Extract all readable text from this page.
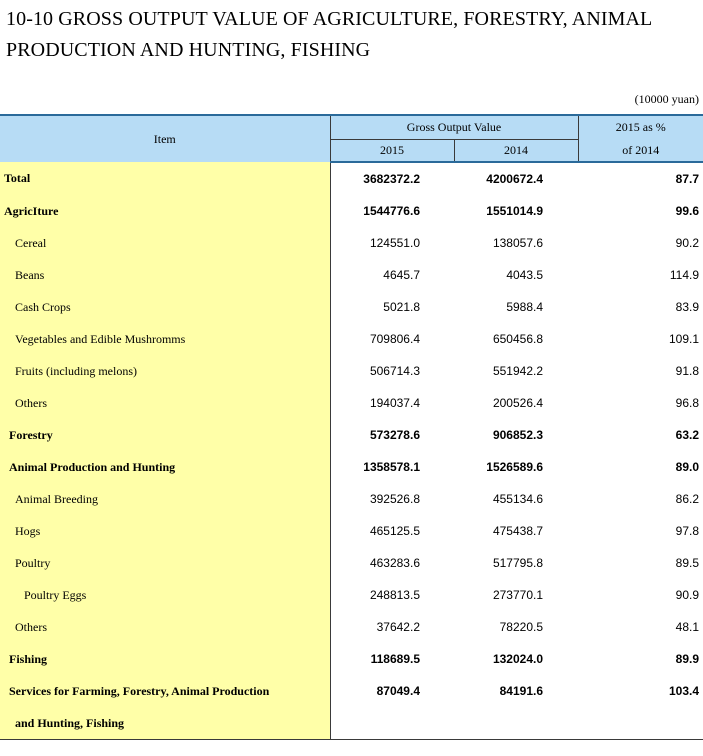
10-10 GROSS OUTPUT VALUE OF AGRICULTURE, FORESTRY, ANIMAL PRODUCTION AND HUNTING, FISHING
(10000 yuan)
Item	Gross Output Value		2015 as %
	2015	2014	of 2014
Total	3682372.2	4200672.4	87.7
AgricIture	1544776.6	1551014.9	99.6
Cereal	124551.0	138057.6	90.2
Beans	4645.7	4043.5	114.9
Cash Crops	5021.8	5988.4	83.9
Vegetables and Edible Mushromms	709806.4	650456.8	109.1
Fruits (including melons)	506714.3	551942.2	91.8
Others	194037.4	200526.4	96.8
Forestry	573278.6	906852.3	63.2
Animal Production and Hunting	1358578.1	1526589.6	89.0
Animal Breeding	392526.8	455134.6	86.2
Hogs	465125.5	475438.7	97.8
Poultry	463283.6	517795.8	89.5
Poultry Eggs	248813.5	273770.1	90.9
Others	37642.2	78220.5	48.1
Fishing	118689.5	132024.0	89.9
Services for Farming, Forestry, Animal Production	87049.4	84191.6	103.4
and Hunting, Fishing			
